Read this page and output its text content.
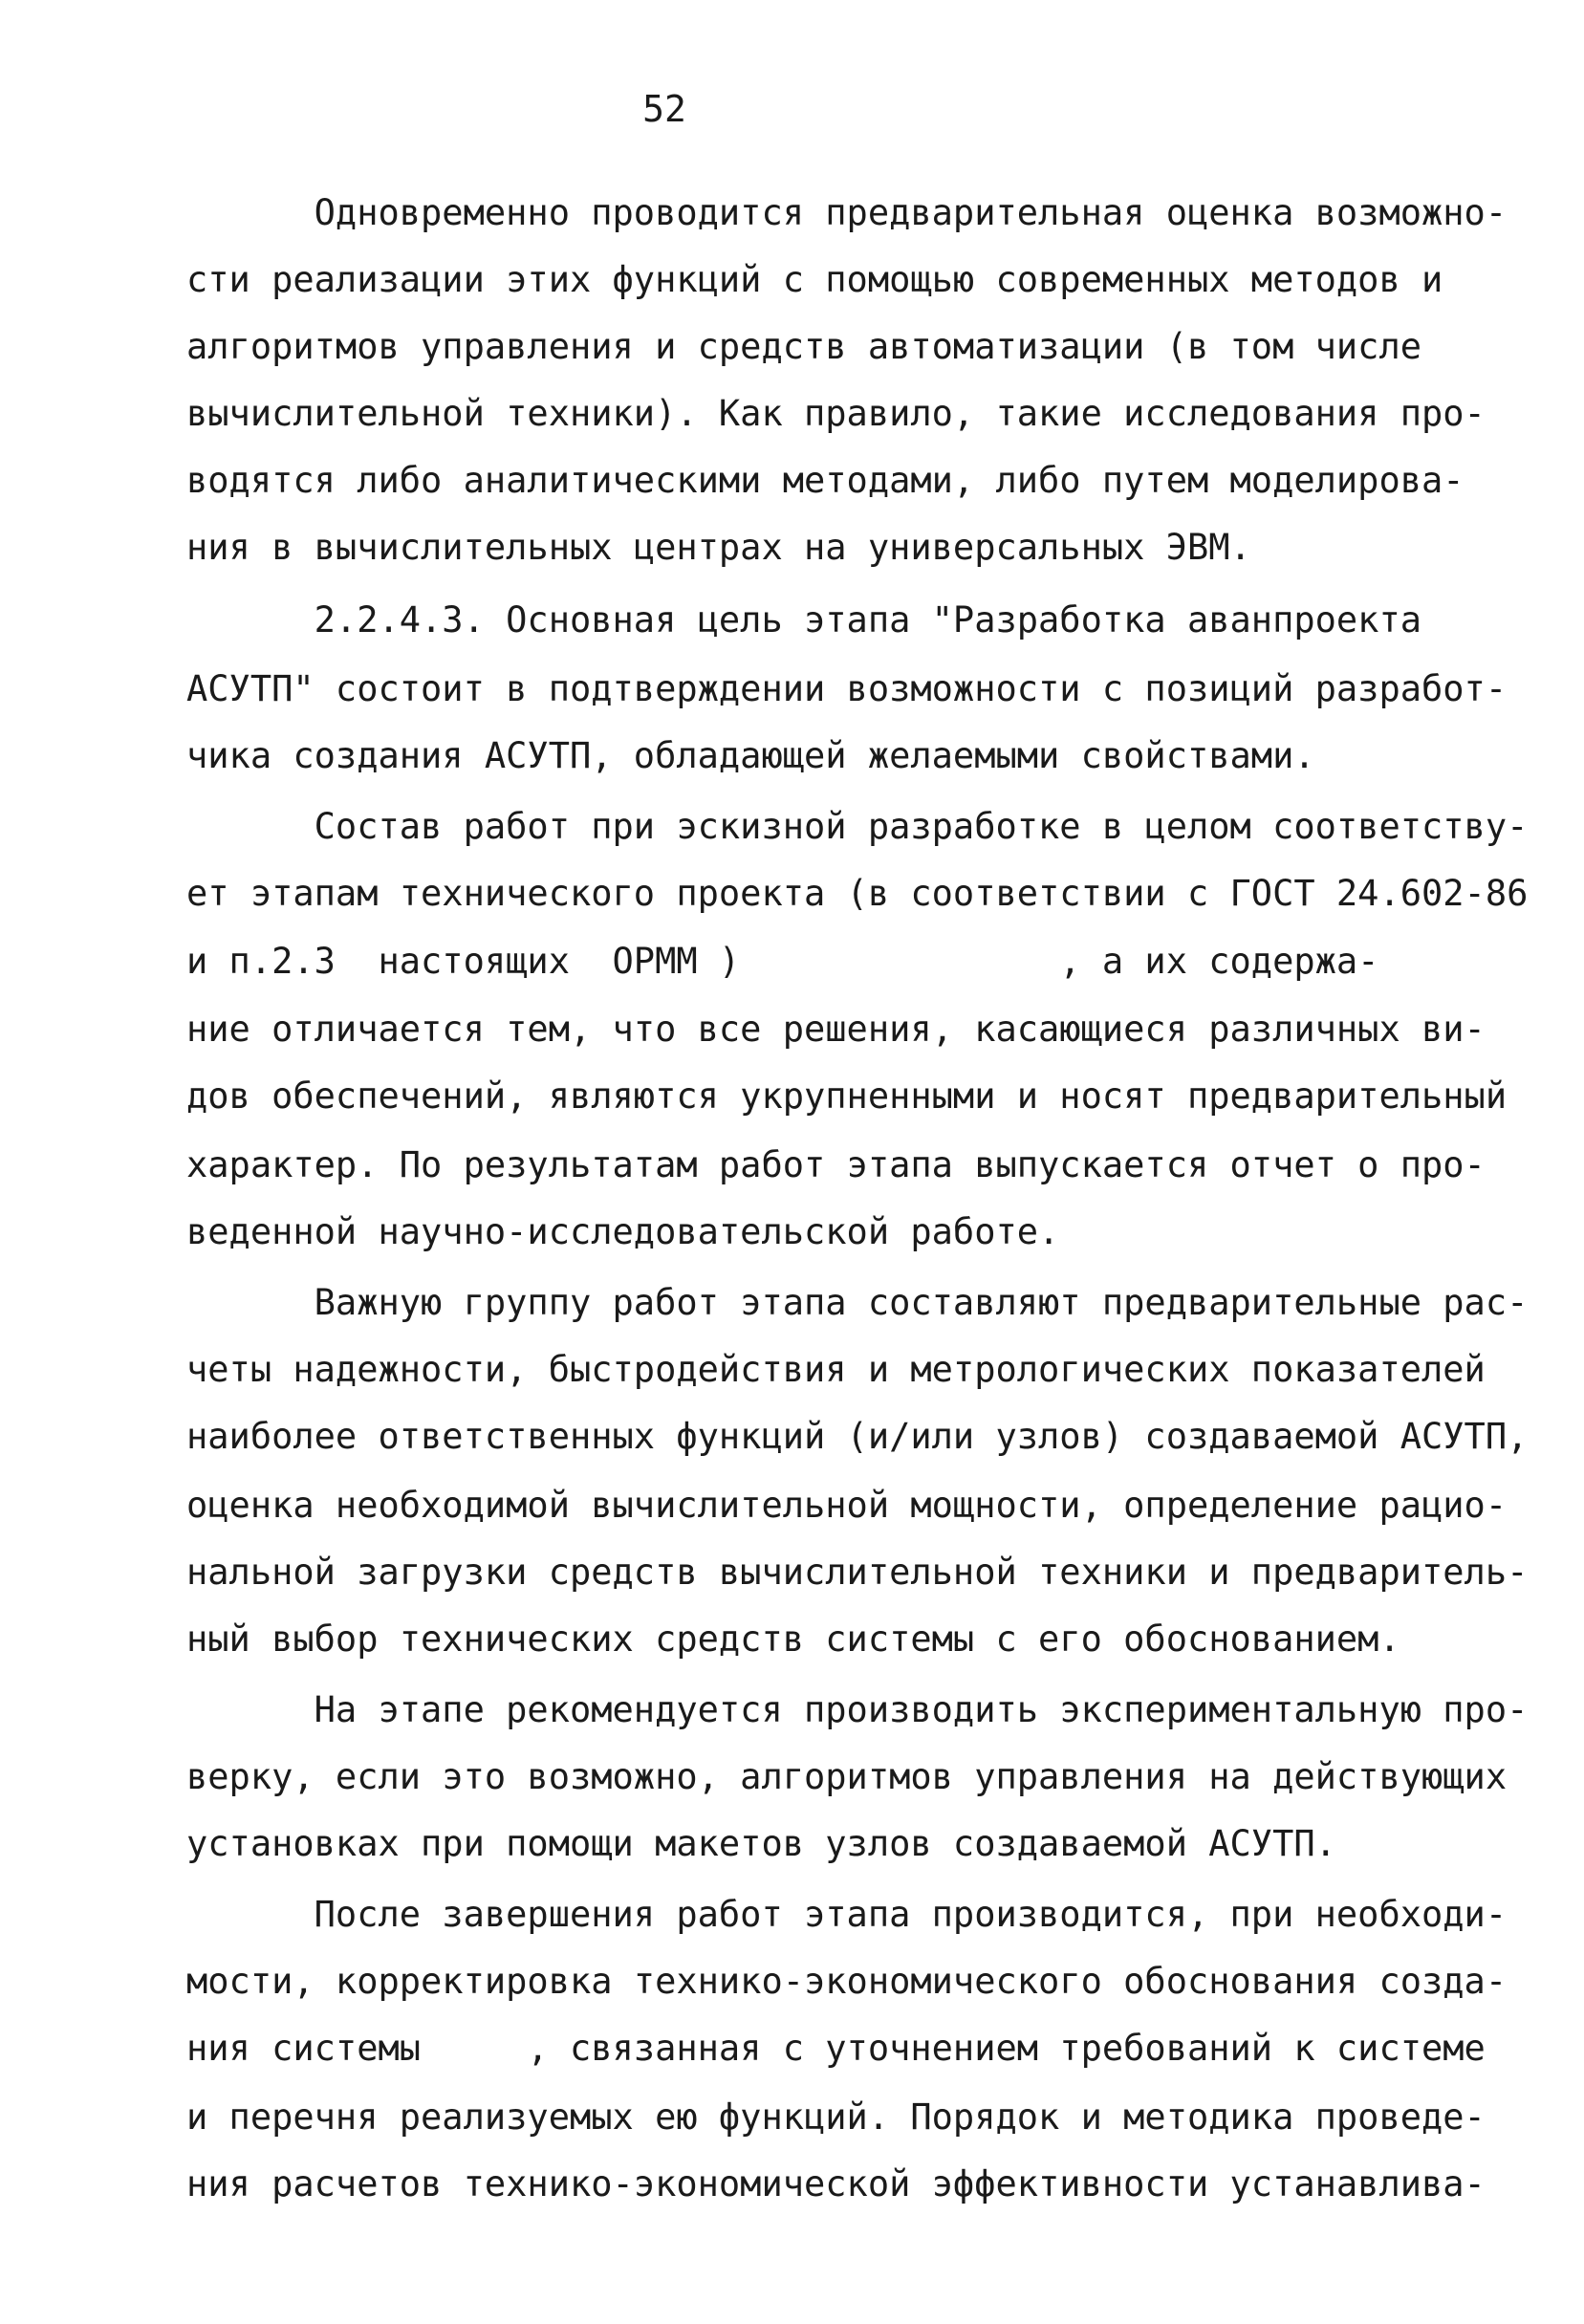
52
Одновременно проводится предварительная оценка возможно-
сти реализации этих функций с помощью современных методов и
алгоритмов управления и средств автоматизации (в том числе
вычислительной техники). Как правило, такие исследования про-
водятся либо аналитическими методами, либо путем моделирова-
ния в вычислительных центрах на универсальных ЭВМ.
2.2.4.3. Основная цель этапа "Разработка аванпроекта
АСУТП" состоит в подтверждении возможности с позиций разработ-
чика создания АСУТП, обладающей желаемыми свойствами.
Состав работ при эскизной разработке в целом соответству-
ет этапам технического проекта (в соответствии с ГОСТ 24.602-86
и п.2.3  настоящих  ОРММ )               , а их содержа-
ние отличается тем, что все решения, касающиеся различных ви-
дов обеспечений, являются укрупненными и носят предварительный
характер. По результатам работ этапа выпускается отчет о про-
веденной научно-исследовательской работе.
Важную группу работ этапа составляют предварительные рас-
четы надежности, быстродействия и метрологических показателей
наиболее ответственных функций (и/или узлов) создаваемой АСУТП,
оценка необходимой вычислительной мощности, определение рацио-
нальной загрузки средств вычислительной техники и предваритель-
ный выбор технических средств системы с его обоснованием.
На этапе рекомендуется производить экспериментальную про-
верку, если это возможно, алгоритмов управления на действующих
установках при помощи макетов узлов создаваемой АСУТП.
После завершения работ этапа производится, при необходи-
мости, корректировка технико-экономического обоснования созда-
ния системы     , связанная с уточнением требований к системе
и перечня реализуемых ею функций. Порядок и методика проведе-
ния расчетов технико-экономической эффективности устанавлива-
